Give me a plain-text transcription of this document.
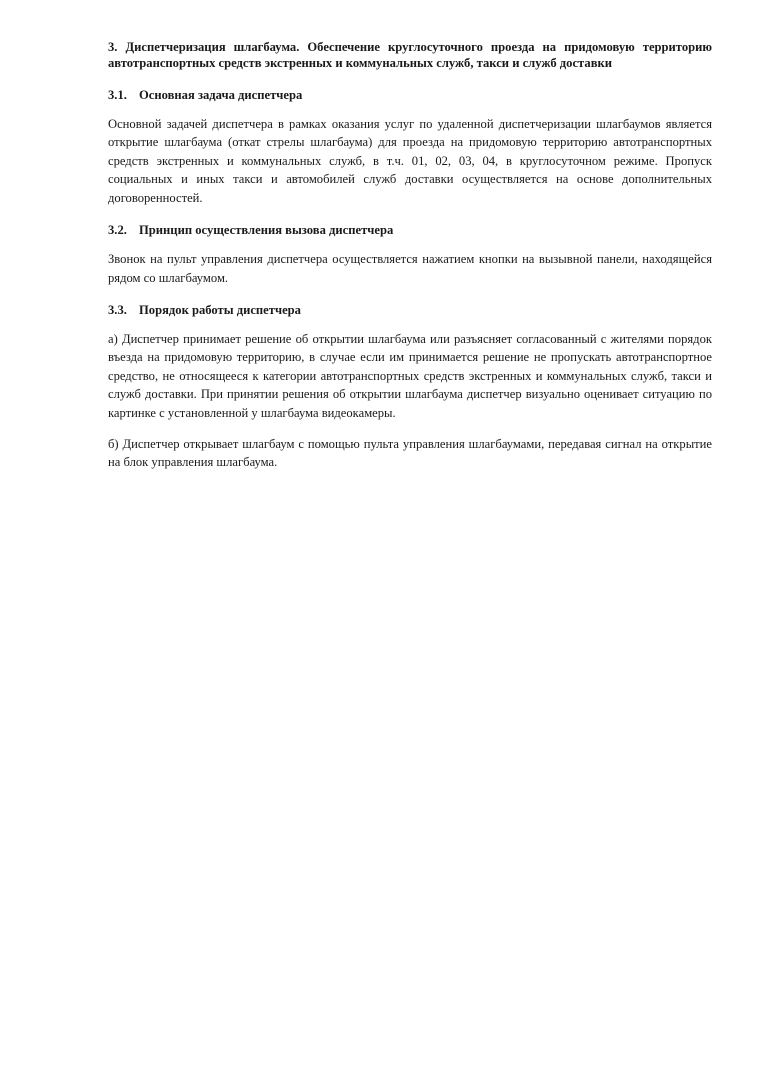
3. Диспетчеризация шлагбаума. Обеспечение круглосуточного проезда на придомовую территорию автотранспортных средств экстренных и коммунальных служб, такси и служб доставки

3.1. Основная задача диспетчера

Основной задачей диспетчера в рамках оказания услуг по удаленной диспетчеризации шлагбаумов является открытие шлагбаума (откат стрелы шлагбаума) для проезда на придомовую территорию автотранспортных средств экстренных и коммунальных служб, в т.ч. 01, 02, 03, 04, в круглосуточном режиме. Пропуск социальных и иных такси и автомобилей служб доставки осуществляется на основе дополнительных договоренностей.

3.2. Принцип осуществления вызова диспетчера

Звонок на пульт управления диспетчера осуществляется нажатием кнопки на вызывной панели, находящейся рядом со шлагбаумом.

3.3. Порядок работы диспетчера

а) Диспетчер принимает решение об открытии шлагбаума или разъясняет согласованный с жителями порядок въезда на придомовую территорию, в случае если им принимается решение не пропускать автотранспортное средство, не относящееся к категории автотранспортных средств экстренных и коммунальных служб, такси и служб доставки. При принятии решения об открытии шлагбаума диспетчер визуально оценивает ситуацию по картинке с установленной у шлагбаума видеокамеры.

б) Диспетчер открывает шлагбаум с помощью пульта управления шлагбаумами, передавая сигнал на открытие на блок управления шлагбаума.
